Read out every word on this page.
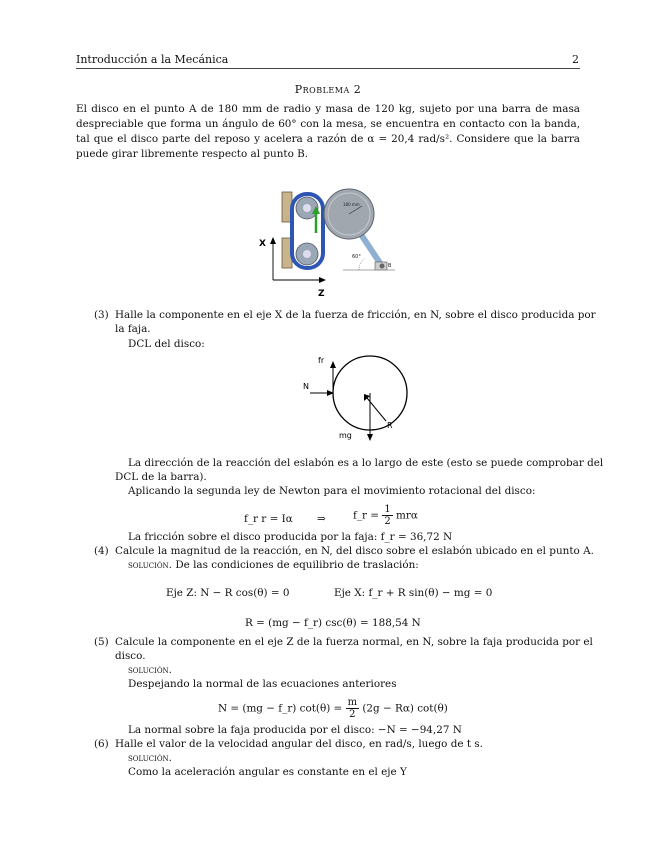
Introducción a la Mecánica	2
Problema 2
El disco en el punto A de 180 mm de radio y masa de 120 kg, sujeto por una barra de masa despreciable que forma un ángulo de 60° con la mesa, se encuentra en contacto con la banda, tal que el disco parte del reposo y acelera a razón de α = 20,4 rad/s². Considere que la barra puede girar libremente respecto al punto B.
180 mm
B
60°
X
Z
(3) Halle la componente en el eje X de la fuerza de fricción, en N, sobre el disco producida por
la faja.
DCL del disco:
fr
N
mg
R
La dirección de la reacción del eslabón es a lo largo de este (esto se puede comprobar del
DCL de la barra).
Aplicando la segunda ley de Newton para el movimiento rotacional del disco:
f_r r = Iα ⇒	f_r = $\frac{1}{2}$ mrα
La fricción sobre el disco producida por la faja: f_r = 36,72 N
(4) Calcule la magnitud de la reacción, en N, del disco sobre el eslabón ubicado en el punto A.
solución. De las condiciones de equilibrio de traslación:
Eje Z: N − R cos(θ) = 0	Eje X: f_r + R sin(θ) − mg = 0
R = (mg − f_r) csc(θ) = 188,54 N
(5) Calcule la componente en el eje Z de la fuerza normal, en N, sobre la faja producida por el
disco.
solución.
Despejando la normal de las ecuaciones anteriores
N = (mg − f_r) $\cot(\theta) = \frac{m}{2} (2g - R\alpha)$ cot(θ)
La normal sobre la faja producida por el disco: −N = −94,27 N
(6) Halle el valor de la velocidad angular del disco, en rad/s, luego de t s.
solución.
Como la aceleración angular es constante en el eje Y
